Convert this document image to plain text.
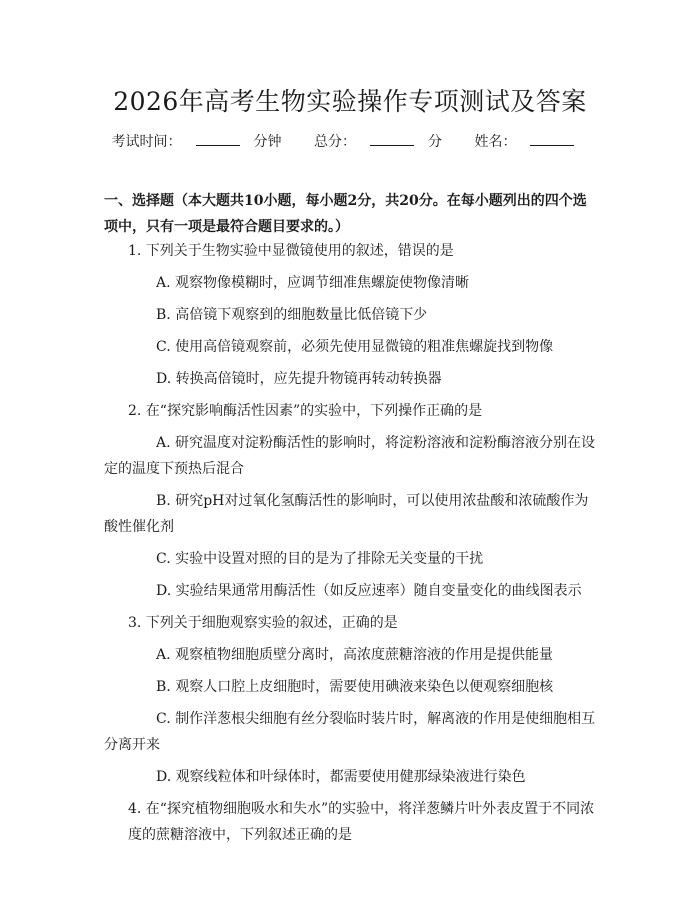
2026年高考生物实验操作专项测试及答案
考试时间：	分钟 总分：	分 姓名：
一、选择题（本大题共10小题，每小题2分，共20分。在每小题列出的四个选项中，只有一项是最符合题目要求的。）

1. 下列关于生物实验中显微镜使用的叙述，错误的是

A. 观察物像模糊时，应调节细准焦螺旋使物像清晰

B. 高倍镜下观察到的细胞数量比低倍镜下少

C. 使用高倍镜观察前，必须先使用显微镜的粗准焦螺旋找到物像

D. 转换高倍镜时，应先提升物镜再转动转换器

2. 在“探究影响酶活性因素”的实验中，下列操作正确的是

A. 研究温度对淀粉酶活性的影响时，将淀粉溶液和淀粉酶溶液分别在设定的温度下预热后混合

B. 研究pH对过氧化氢酶活性的影响时，可以使用浓盐酸和浓硫酸作为酸性催化剂

C. 实验中设置对照的目的是为了排除无关变量的干扰

D. 实验结果通常用酶活性（如反应速率）随自变量变化的曲线图表示

3. 下列关于细胞观察实验的叙述，正确的是

A. 观察植物细胞质壁分离时，高浓度蔗糖溶液的作用是提供能量

B. 观察人口腔上皮细胞时，需要使用碘液来染色以便观察细胞核

C. 制作洋葱根尖细胞有丝分裂临时装片时，解离液的作用是使细胞相互分离开来

D. 观察线粒体和叶绿体时，都需要使用健那绿染液进行染色

4. 在“探究植物细胞吸水和失水”的实验中，将洋葱鳞片叶外表皮置于不同浓度的蔗糖溶液中，下列叙述正确的是
